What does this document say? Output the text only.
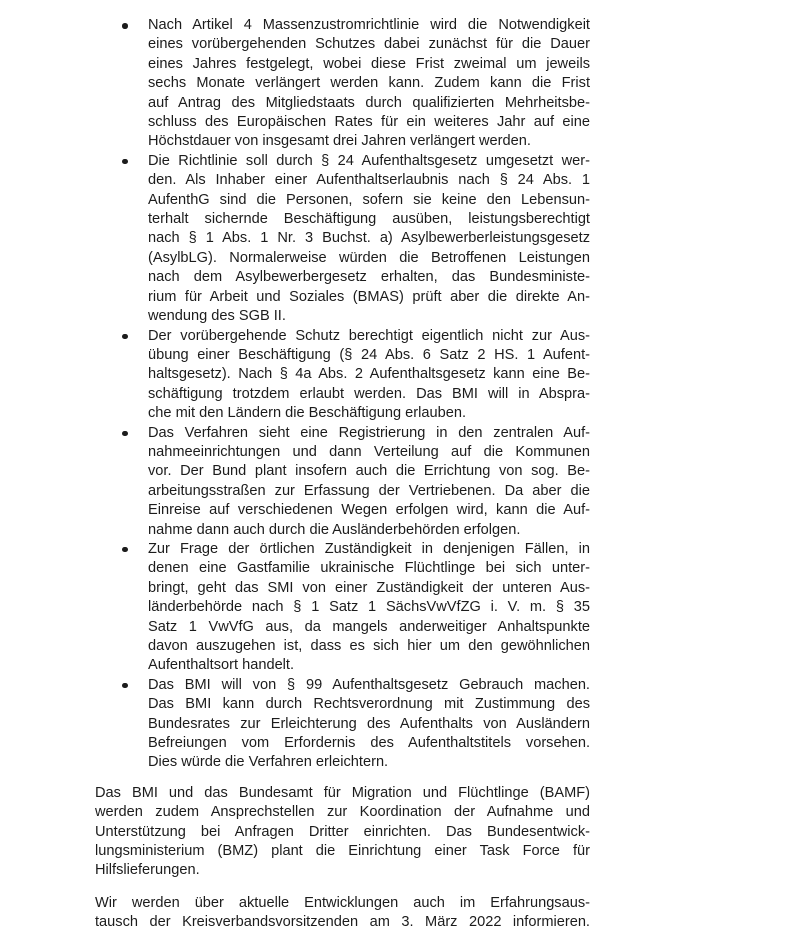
Nach Artikel 4 Massenzustromrichtlinie wird die Notwendigkeit
eines vorübergehenden Schutzes dabei zunächst für die Dauer
eines Jahres festgelegt, wobei diese Frist zweimal um jeweils
sechs Monate verlängert werden kann. Zudem kann die Frist
auf Antrag des Mitgliedstaats durch qualifizierten Mehrheitsbe-
schluss des Europäischen Rates für ein weiteres Jahr auf eine
Höchstdauer von insgesamt drei Jahren verlängert werden.
Die Richtlinie soll durch § 24 Aufenthaltsgesetz umgesetzt wer-
den. Als Inhaber einer Aufenthaltserlaubnis nach § 24 Abs. 1
AufenthG sind die Personen, sofern sie keine den Lebensun-
terhalt sichernde Beschäftigung ausüben, leistungsberechtigt
nach § 1 Abs. 1 Nr. 3 Buchst. a) Asylbewerberleistungsgesetz
(AsylbLG). Normalerweise würden die Betroffenen Leistungen
nach dem Asylbewerbergesetz erhalten, das Bundesministe-
rium für Arbeit und Soziales (BMAS) prüft aber die direkte An-
wendung des SGB II.
Der vorübergehende Schutz berechtigt eigentlich nicht zur Aus-
übung einer Beschäftigung (§ 24 Abs. 6 Satz 2 HS. 1 Aufent-
haltsgesetz). Nach § 4a Abs. 2 Aufenthaltsgesetz kann eine Be-
schäftigung trotzdem erlaubt werden. Das BMI will in Abspra-
che mit den Ländern die Beschäftigung erlauben.
Das Verfahren sieht eine Registrierung in den zentralen Auf-
nahmeeinrichtungen und dann Verteilung auf die Kommunen
vor. Der Bund plant insofern auch die Errichtung von sog. Be-
arbeitungsstraßen zur Erfassung der Vertriebenen. Da aber die
Einreise auf verschiedenen Wegen erfolgen wird, kann die Auf-
nahme dann auch durch die Ausländerbehörden erfolgen.
Zur Frage der örtlichen Zuständigkeit in denjenigen Fällen, in
denen eine Gastfamilie ukrainische Flüchtlinge bei sich unter-
bringt, geht das SMI von einer Zuständigkeit der unteren Aus-
länderbehörde nach § 1 Satz 1 SächsVwVfZG i. V. m. § 35
Satz 1 VwVfG aus, da mangels anderweitiger Anhaltspunkte
davon auszugehen ist, dass es sich hier um den gewöhnlichen
Aufenthaltsort handelt.
Das BMI will von § 99 Aufenthaltsgesetz Gebrauch machen.
Das BMI kann durch Rechtsverordnung mit Zustimmung des
Bundesrates zur Erleichterung des Aufenthalts von Ausländern
Befreiungen vom Erfordernis des Aufenthaltstitels vorsehen.
Dies würde die Verfahren erleichtern.
Das BMI und das Bundesamt für Migration und Flüchtlinge (BAMF)
werden zudem Ansprechstellen zur Koordination der Aufnahme und
Unterstützung bei Anfragen Dritter einrichten. Das Bundesentwick-
lungsministerium (BMZ) plant die Einrichtung einer Task Force für
Hilfslieferungen.
Wir werden über aktuelle Entwicklungen auch im Erfahrungsaus-
tausch der Kreisverbandsvorsitzenden am 3. März 2022 informieren.
